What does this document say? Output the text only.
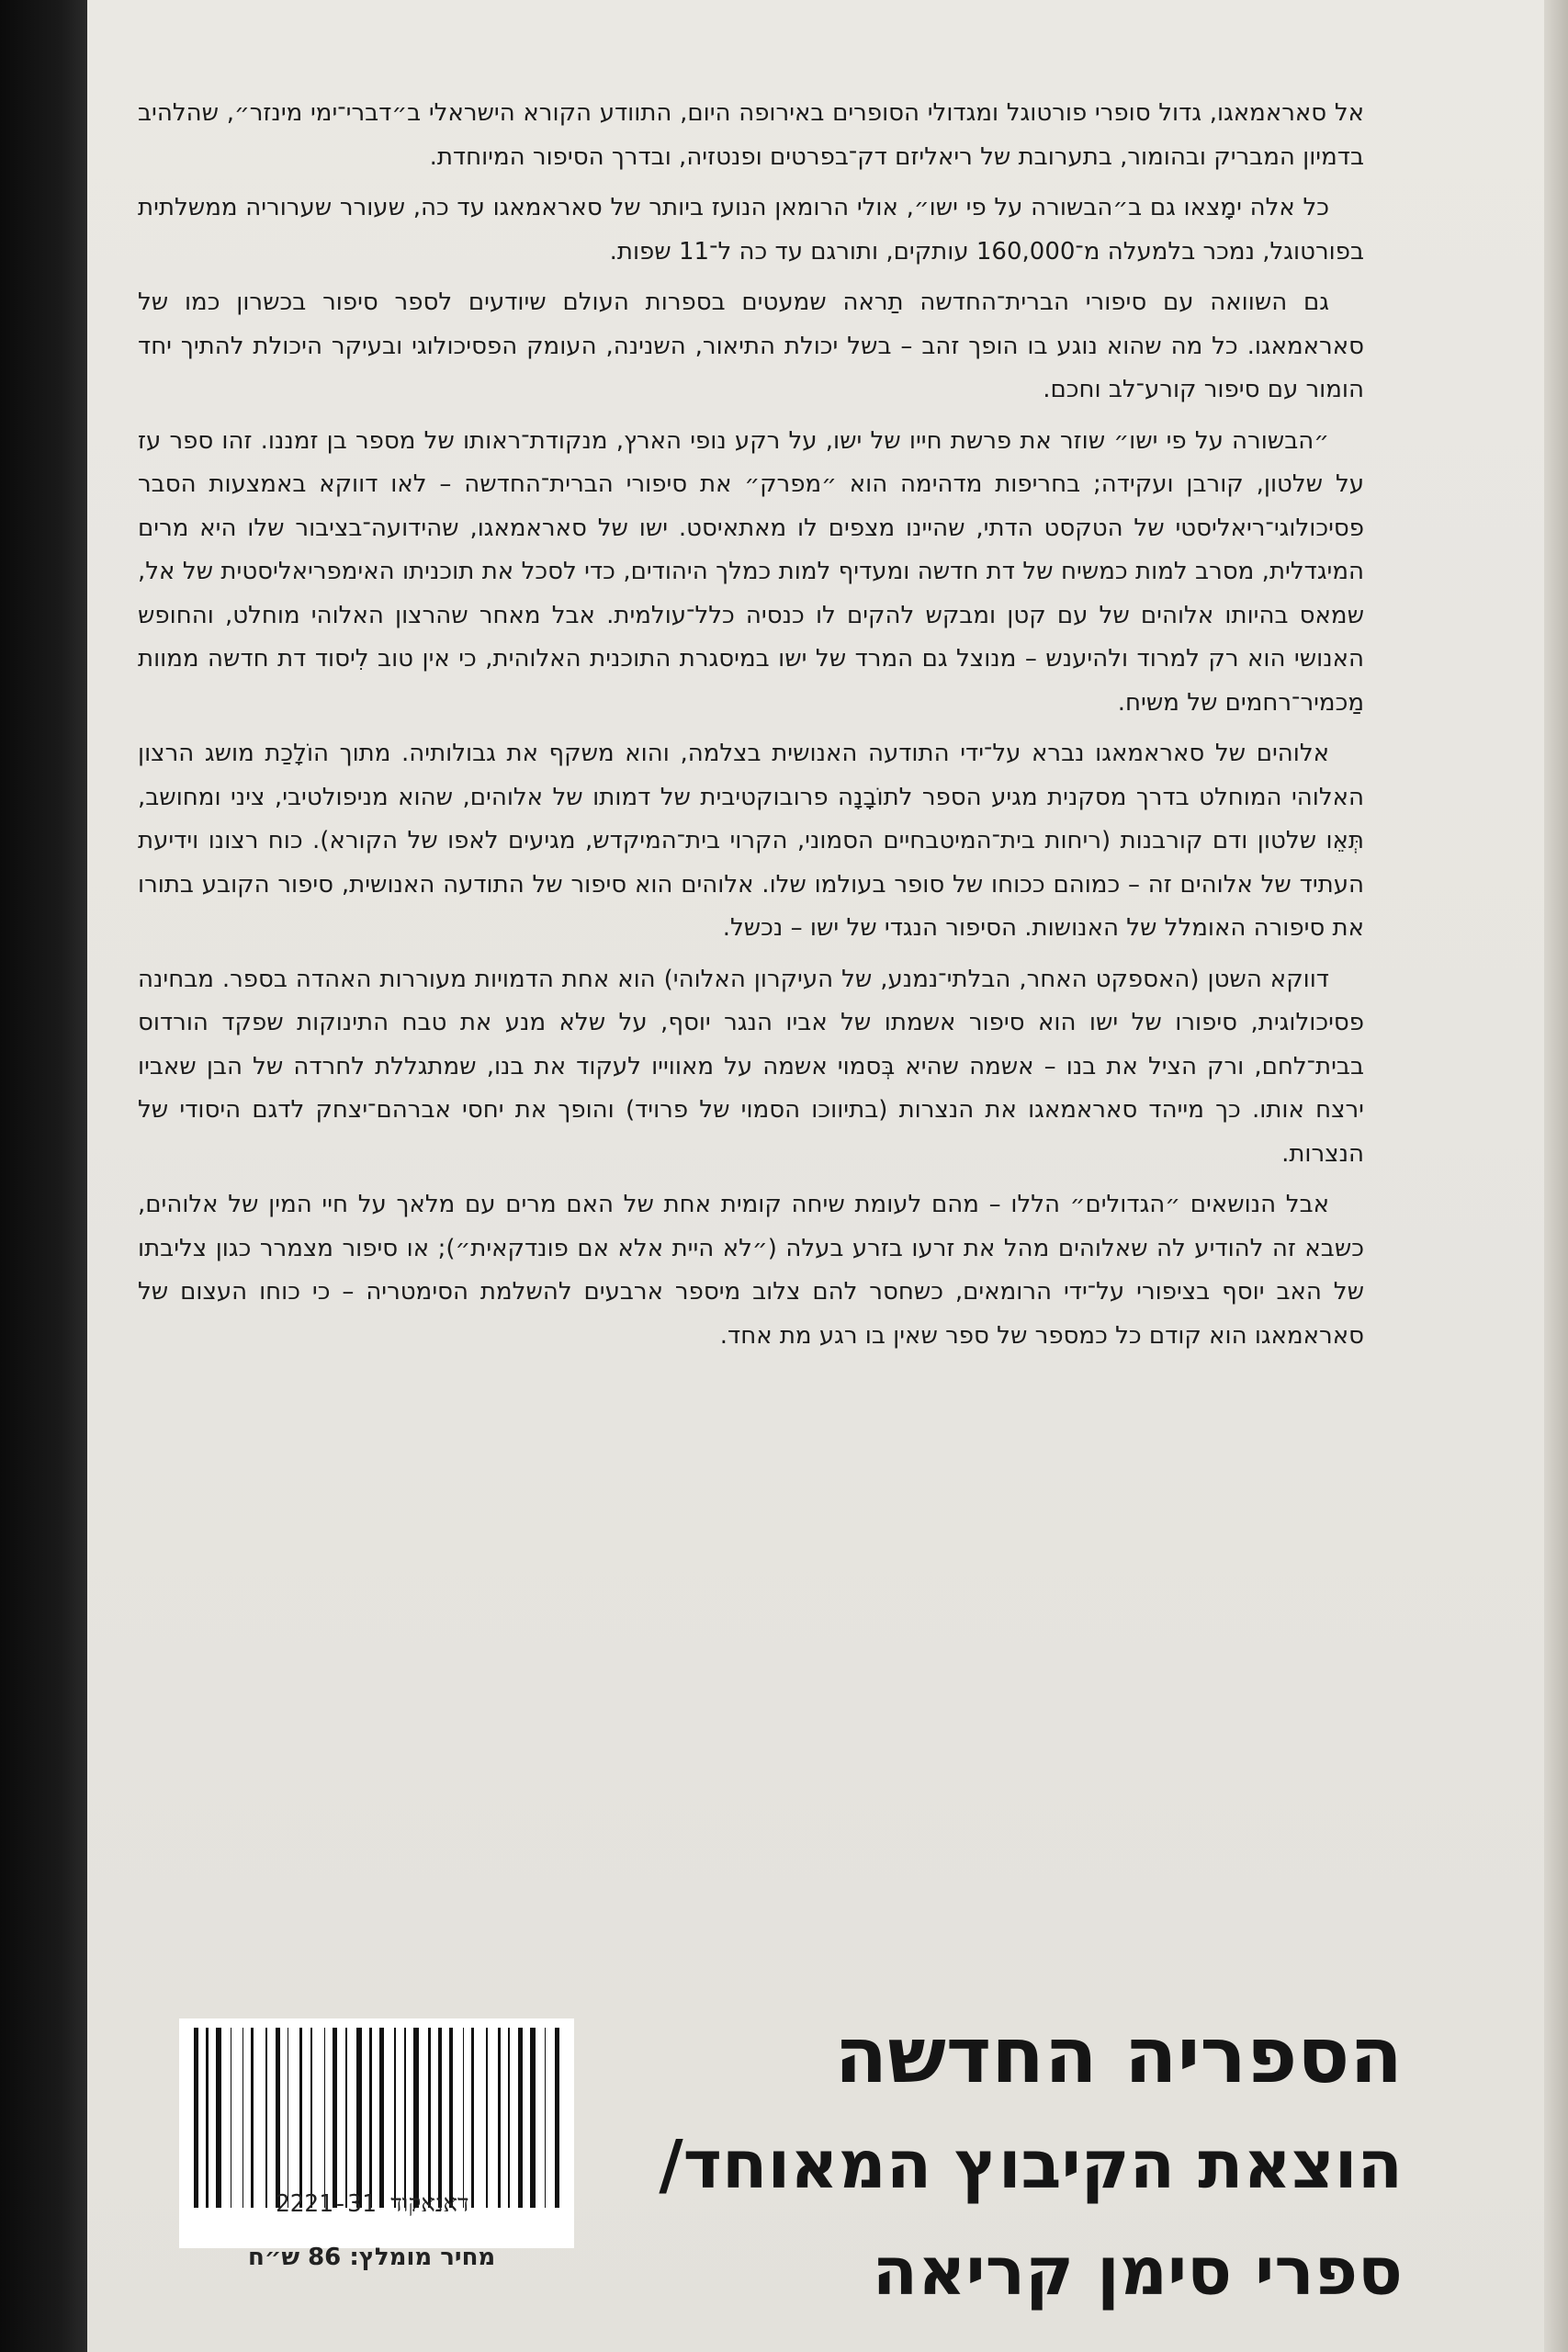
אל סאראמאגו, גדול סופרי פורטוגל ומגדולי הסופרים באירופה היום, התוודע הקורא הישראלי ב״דברי־ימי מינזר״, שהלהיב בדמיון המבריק ובהומור, בתערובת של ריאליזם דק־בפרטים ופנטזיה, ובדרך הסיפור המיוחדת.

כל אלה ימָצאו גם ב״הבשורה על פי ישו״, אולי הרומאן הנועז ביותר של סאראמאגו עד כה, שעורר שערוריה ממשלתית בפורטוגל, נמכר בלמעלה מ־160,000 עותקים, ותורגם עד כה ל־11 שפות.

גם השוואה עם סיפורי הברית־החדשה תַראה שמעטים בספרות העולם שיודעים לספר סיפור בכשרון כמו של סאראמאגו. כל מה שהוא נוגע בו הופך זהב – בשל יכולת התיאור, השנינה, העומק הפסיכולוגי ובעיקר היכולת להתיך יחד הומור עם סיפור קורע־לב וחכם.

״הבשורה על פי ישו״ שוזר את פרשת חייו של ישו, על רקע נופי הארץ, מנקודת־ראותו של מספר בן זמננו. זהו ספר עז על שלטון, קורבן ועקידה; בחריפות מדהימה הוא ״מפרק״ את סיפורי הברית־החדשה – לאו דווקא באמצעות הסבר פסיכולוגי־ריאליסטי של הטקסט הדתי, שהיינו מצפים לו מאתאיסט. ישו של סאראמאגו, שהידועה־בציבור שלו היא מרים המיגדלית, מסרב למות כמשיח של דת חדשה ומעדיף למות כמלך היהודים, כדי לסכל את תוכניתו האימפריאליסטית של אל, שמאס בהיותו אלוהים של עם קטן ומבקש להקים לו כנסיה כלל־עולמית. אבל מאחר שהרצון האלוהי מוחלט, והחופש האנושי הוא רק למרוד ולהיענש – מנוצל גם המרד של ישו במיסגרת התוכנית האלוהית, כי אין טוב לִיסוד דת חדשה ממוות מַכמיר־רחמים של משיח.

אלוהים של סאראמאגו נברא על־ידי התודעה האנושית בצלמה, והוא משקף את גבולותיה. מתוך הוֹלָכַת מושג הרצון האלוהי המוחלט בדרך מסקנית מגיע הספר לתוֹבָנָה פרובוקטיבית של דמותו של אלוהים, שהוא מניפולטיבי, ציני ומחושב, תְּאֵו שלטון ודם קורבנות (ריחות בית־המיטבחיים הסמוני, הקרוי בית־המיקדש, מגיעים לאפו של הקורא). כוח רצונו וידיעת העתיד של אלוהים זה – כמוהם ככוחו של סופר בעולמו שלו. אלוהים הוא סיפור של התודעה האנושית, סיפור הקובע בתורו את סיפורה האומלל של האנושות. הסיפור הנגדי של ישו – נכשל.

דווקא השטן (האספקט האחר, הבלתי־נמנע, של העיקרון האלוהי) הוא אחת הדמויות מעוררות האהדה בספר. מבחינה פסיכולוגית, סיפורו של ישו הוא סיפור אשמתו של אביו הנגר יוסף, על שלא מנע את טבח התינוקות שפקד הורדוס בבית־לחם, ורק הציל את בנו – אשמה שהיא בְּסמוי אשמה על מאווייו לעקוד את בנו, שמתגללת לחרדה של הבן שאביו ירצח אותו. כך מייהד סאראמאגו את הנצרות (בתיווכו הסמוי של פרויד) והופך את יחסי אברהם־יצחק לדגם היסודי של הנצרות.

אבל הנושאים ״הגדולים״ הללו – מהם לעומת שיחה קומית אחת של האם מרים עם מלאך על חיי המין של אלוהים, כשבא זה להודיע לה שאלוהים מהל את זרעו בזרע בעלה (״לא היית אלא אם פונדקאית״); או סיפור מצמרר כגון צליבתו של האב יוסף בציפורי על־ידי הרומאים, כשחסר להם צלוב מיספר ארבעים להשלמת הסימטריה – כי כוחו העצום של סאראמאגו הוא קודם כל כמספר של ספר שאין בו רגע מת אחד.

דאנאקוד 2221-31
מחיר מומלץ: 86 ש״ח
הספריה החדשה
הוצאת הקיבוץ המאוחד/
ספרי סימן קריאה
